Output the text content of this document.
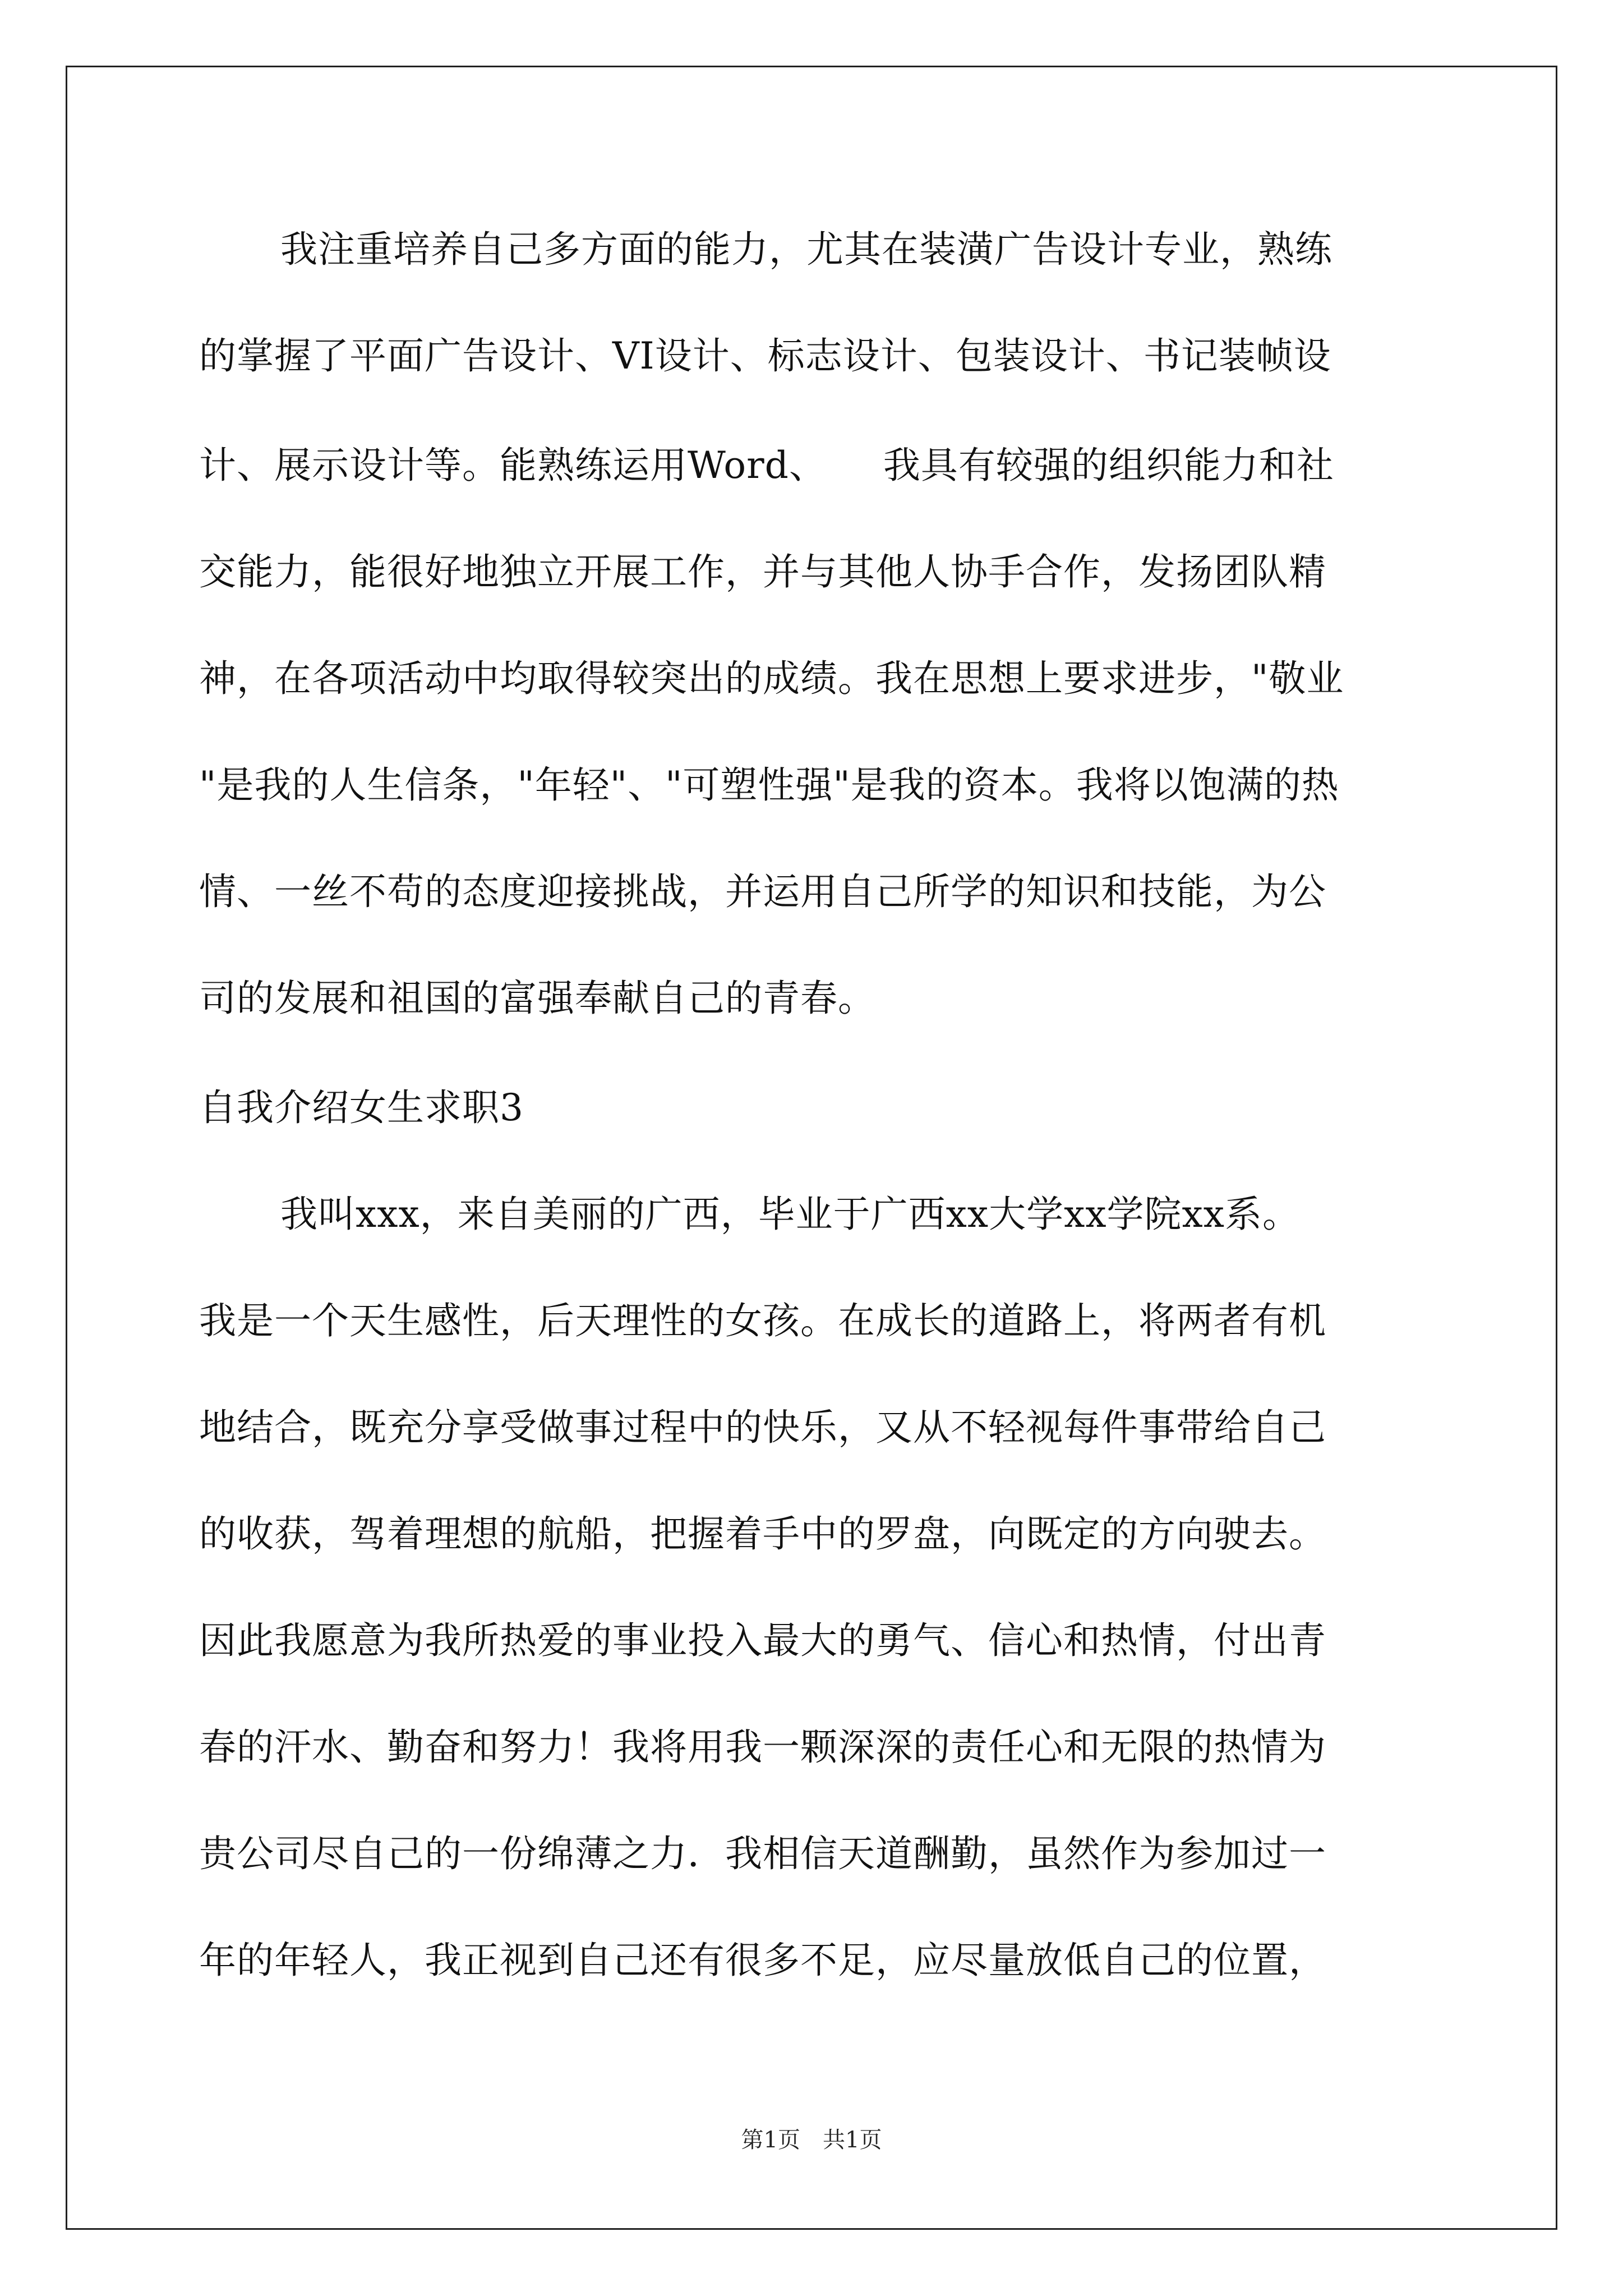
我注重培养自己多方面的能力，尤其在装潢广告设计专业，熟练
的掌握了平面广告设计、VI设计、标志设计、包装设计、书记装帧设
计、展示设计等。能熟练运用Word、　　我具有较强的组织能力和社
交能力，能很好地独立开展工作，并与其他人协手合作，发扬团队精
神，在各项活动中均取得较突出的成绩。我在思想上要求进步，"敬业
"是我的人生信条，"年轻"、"可塑性强"是我的资本。我将以饱满的热
情、一丝不苟的态度迎接挑战，并运用自己所学的知识和技能，为公
司的发展和祖国的富强奉献自己的青春。
自我介绍女生求职3
我叫xxx，来自美丽的广西，毕业于广西xx大学xx学院xx系。
我是一个天生感性，后天理性的女孩。在成长的道路上，将两者有机
地结合，既充分享受做事过程中的快乐，又从不轻视每件事带给自己
的收获，驾着理想的航船，把握着手中的罗盘，向既定的方向驶去。
因此我愿意为我所热爱的事业投入最大的勇气、信心和热情，付出青
春的汗水、勤奋和努力！我将用我一颗深深的责任心和无限的热情为
贵公司尽自己的一份绵薄之力．我相信天道酬勤，虽然作为参加过一
年的年轻人，我正视到自己还有很多不足，应尽量放低自己的位置，
第1页　共1页
